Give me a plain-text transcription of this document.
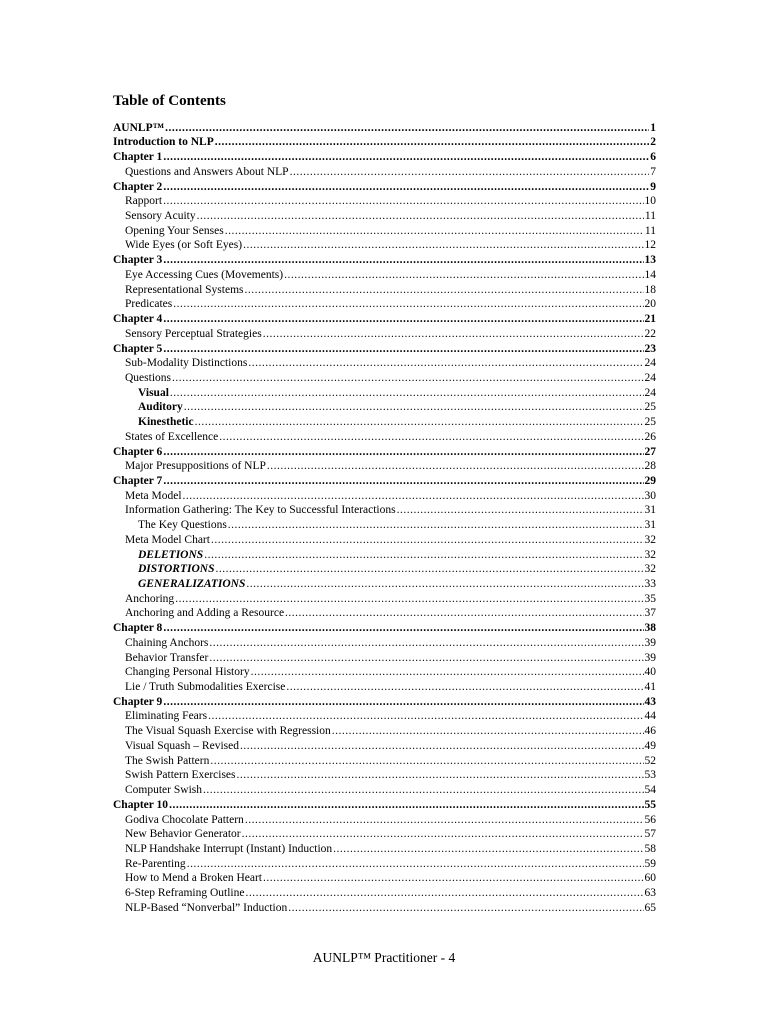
Table of Contents
AUNLP™ .....	1
Introduction to NLP .....	2
Chapter 1 .....	6
Questions and Answers About NLP .....	7
Chapter 2 .....	9
Rapport .....	10
Sensory Acuity .....	11
Opening Your Senses .....	11
Wide Eyes (or Soft Eyes) .....	12
Chapter 3 .....	13
Eye Accessing Cues (Movements) .....	14
Representational Systems .....	18
Predicates .....	20
Chapter 4 .....	21
Sensory Perceptual Strategies .....	22
Chapter 5 .....	23
Sub-Modality Distinctions .....	24
Questions .....	24
Visual .....	24
Auditory .....	25
Kinesthetic .....	25
States of Excellence .....	26
Chapter 6 .....	27
Major Presuppositions of NLP .....	28
Chapter 7 .....	29
Meta Model .....	30
Information Gathering: The Key to Successful Interactions .....	31
The Key Questions .....	31
Meta Model Chart .....	32
DELETIONS .....	32
DISTORTIONS .....	32
GENERALIZATIONS .....	33
Anchoring .....	35
Anchoring and Adding a Resource .....	37
Chapter 8 .....	38
Chaining Anchors .....	39
Behavior Transfer .....	39
Changing Personal History .....	40
Lie / Truth Submodalities Exercise .....	41
Chapter 9 .....	43
Eliminating Fears .....	44
The Visual Squash Exercise with Regression .....	46
Visual Squash – Revised .....	49
The Swish Pattern .....	52
Swish Pattern Exercises .....	53
Computer Swish .....	54
Chapter 10 .....	55
Godiva Chocolate Pattern .....	56
New Behavior Generator .....	57
NLP Handshake Interrupt (Instant) Induction .....	58
Re-Parenting .....	59
How to Mend a Broken Heart .....	60
6-Step Reframing Outline .....	63
NLP-Based “Nonverbal” Induction .....	65
AUNLP™ Practitioner - 4
